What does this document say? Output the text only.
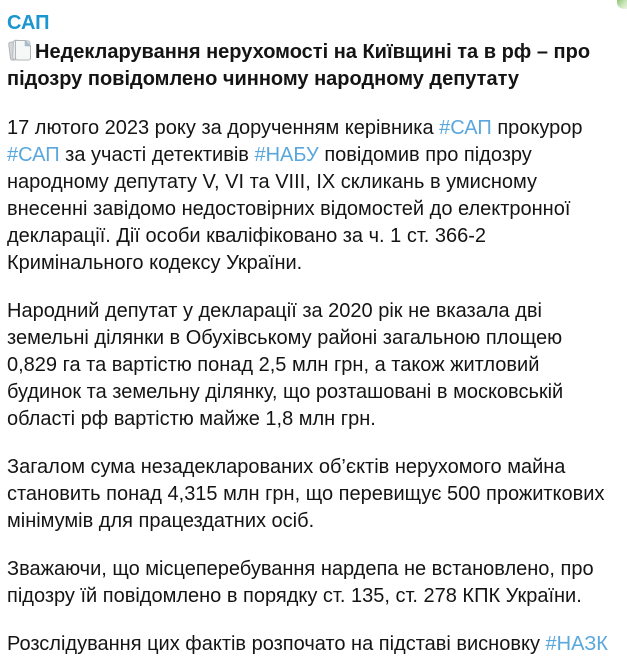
САП
Недекларування нерухомості на Київщині та в рф – про
підозру повідомлено чинному народному депутату

17 лютого 2023 року за дорученням керівника #САП прокурор
#САП за участі детективів #НАБУ повідомив про підозру
народному депутату V, VI та VIII, IX скликань в умисному
внесенні завідомо недостовірних відомостей до електронної
декларації. Дії особи кваліфіковано за ч. 1 ст. 366-2
Кримінального кодексу України.

Народний депутат у декларації за 2020 рік не вказала дві
земельні ділянки в Обухівському районі загальною площею
0,829 га та вартістю понад 2,5 млн грн, а також житловий
будинок та земельну ділянку, що розташовані в московській
області рф вартістю майже 1,8 млн грн.

Загалом сума незадекларованих об’єктів нерухомого майна
становить понад 4,315 млн грн, що перевищує 500 прожиткових
мінімумів для працездатних осіб.

Зважаючи, що місцеперебування нардепа не встановлено, про
підозру їй повідомлено в порядку ст. 135, ст. 278 КПК України.

Розслідування цих фактів розпочато на підставі висновку #НАЗК
